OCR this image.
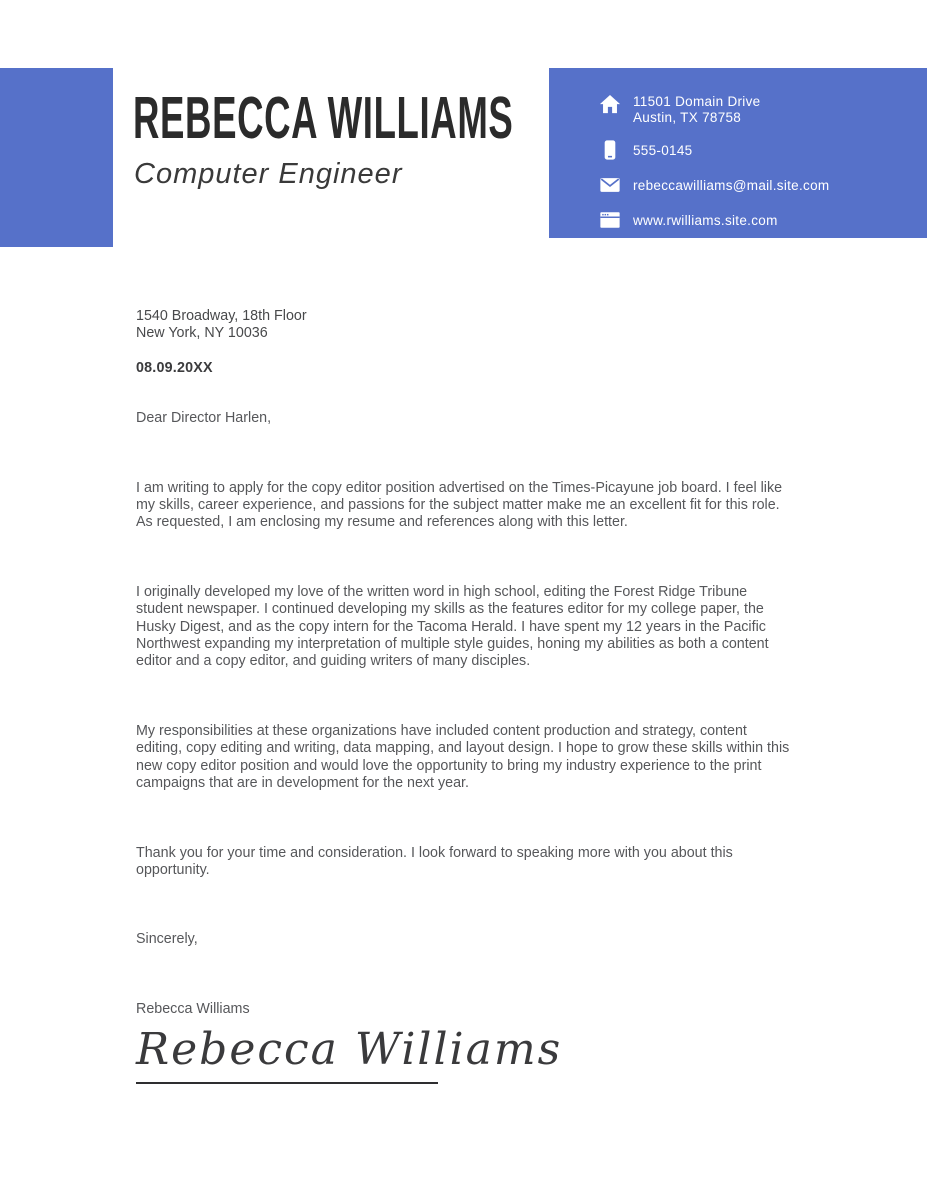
REBECCA WILLIAMS
Computer Engineer
11501 Domain Drive
Austin, TX 78758
555-0145
rebeccawilliams@mail.site.com
www.rwilliams.site.com
1540 Broadway, 18th Floor
New York, NY 10036
08.09.20XX
Dear Director Harlen,
I am writing to apply for the copy editor position advertised on the Times-Picayune job board. I feel like my skills, career experience, and passions for the subject matter make me an excellent fit for this role. As requested, I am enclosing my resume and references along with this letter.
I originally developed my love of the written word in high school, editing the Forest Ridge Tribune student newspaper. I continued developing my skills as the features editor for my college paper, the Husky Digest, and as the copy intern for the Tacoma Herald. I have spent my 12 years in the Pacific Northwest expanding my interpretation of multiple style guides, honing my abilities as both a content editor and a copy editor, and guiding writers of many disciples.
My responsibilities at these organizations have included content production and strategy, content editing, copy editing and writing, data mapping, and layout design. I hope to grow these skills within this new copy editor position and would love the opportunity to bring my industry experience to the print campaigns that are in development for the next year.
Thank you for your time and consideration. I look forward to speaking more with you about this opportunity.
Sincerely,
Rebecca Williams
Rebecca Williams
